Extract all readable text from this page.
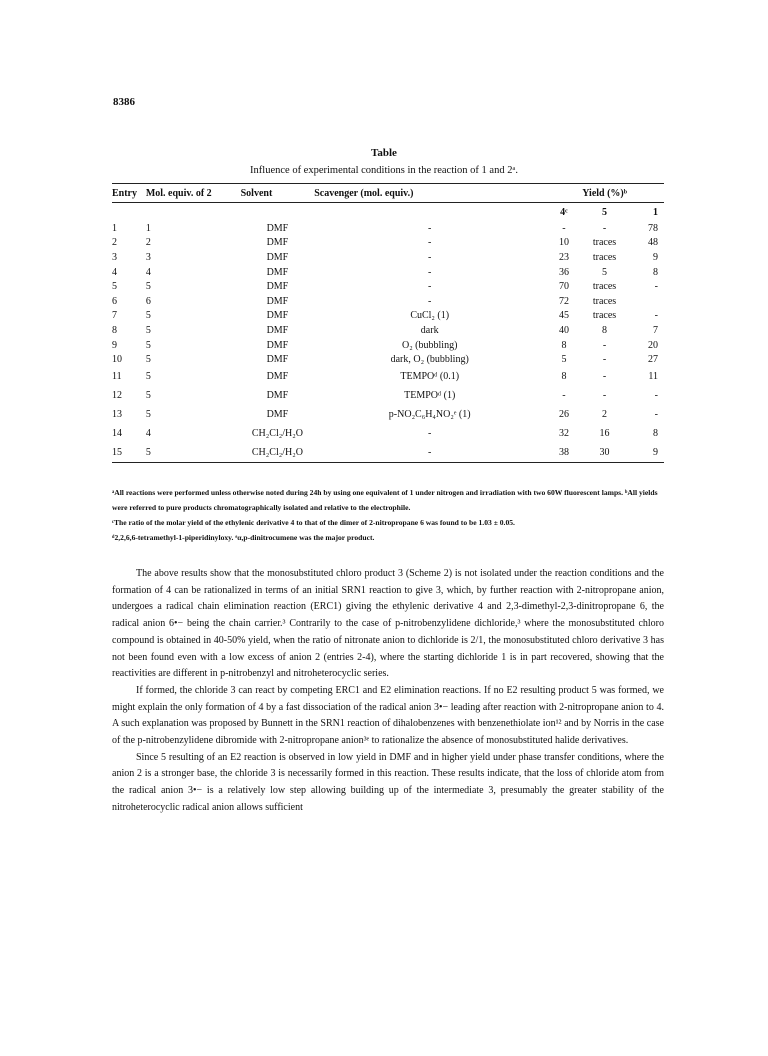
8386
Table
Influence of experimental conditions in the reaction of 1 and 2ᵃ.
Entry	Mol. equiv. of 2	Solvent	Scavenger (mol. equiv.)	Yield (%)ᵇ		
				4ᶜ	5	1
1	1	DMF	-	-	-	78
2	2	DMF	-	10	traces	48
3	3	DMF	-	23	traces	9
4	4	DMF	-	36	5	8
5	5	DMF	-	70	traces	-
6	6	DMF	-	72	traces	
7	5	DMF	CuCl₂ (1)	45	traces	-
8	5	DMF	dark	40	8	7
9	5	DMF	O₂ (bubbling)	8	-	20
10	5	DMF	dark, O₂ (bubbling)	5	-	27
11	5	DMF	TEMPOᵈ (0.1)	8	-	11
12	5	DMF	TEMPOᵈ (1)	-	-	-
13	5	DMF	p-NO₂C₆H₄NO₂ᵉ (1)	26	2	-
14	4	CH₂Cl₂/H₂O	-	32	16	8
15	5	CH₂Cl₂/H₂O	-	38	30	9

ᵃAll reactions were performed unless otherwise noted during 24h by using one equivalent of 1 under nitrogen and irradiation with two 60W fluorescent lamps. ᵇAll yields were referred to pure products chromatographically isolated and relative to the electrophile.

ᶜThe ratio of the molar yield of the ethylenic derivative 4 to that of the dimer of 2-nitropropane 6 was found to be 1.03 ± 0.05.

ᵈ2,2,6,6-tetramethyl-1-piperidinyloxy. ᵉα,p-dinitrocumene was the major product.

The above results show that the monosubstituted chloro product 3 (Scheme 2) is not isolated under the reaction conditions and the formation of 4 can be rationalized in terms of an initial SRN1 reaction to give 3, which, by further reaction with 2-nitropropane anion, undergoes a radical chain elimination reaction (ERC1) giving the ethylenic derivative 4 and 2,3-dimethyl-2,3-dinitropropane 6, the radical anion 6•− being the chain carrier.³ Contrarily to the case of p-nitrobenzylidene dichloride,³ where the monosubstituted chloro compound is obtained in 40-50% yield, when the ratio of nitronate anion to dichloride is 2/1, the monosubstituted chloro derivative 3 has not been found even with a low excess of anion 2 (entries 2-4), where the starting dichloride 1 is in part recovered, showing that the reactivities are different in p-nitrobenzyl and nitroheterocyclic series.

If formed, the chloride 3 can react by competing ERC1 and E2 elimination reactions. If no E2 resulting product 5 was formed, we might explain the only formation of 4 by a fast dissociation of the radical anion 3•− leading after reaction with 2-nitropropane anion to 4. A such explanation was proposed by Bunnett in the SRN1 reaction of dihalobenzenes with benzenethiolate ion¹² and by Norris in the case of the p-nitrobenzylidene dibromide with 2-nitropropane anion³ᵉ to rationalize the absence of monosubstituted halide derivatives.

Since 5 resulting of an E2 reaction is observed in low yield in DMF and in higher yield under phase transfer conditions, where the anion 2 is a stronger base, the chloride 3 is necessarily formed in this reaction. These results indicate, that the loss of chloride atom from the radical anion 3•− is a relatively low step allowing building up of the intermediate 3, presumably the greater stability of the nitroheterocyclic radical anion allows sufficient
